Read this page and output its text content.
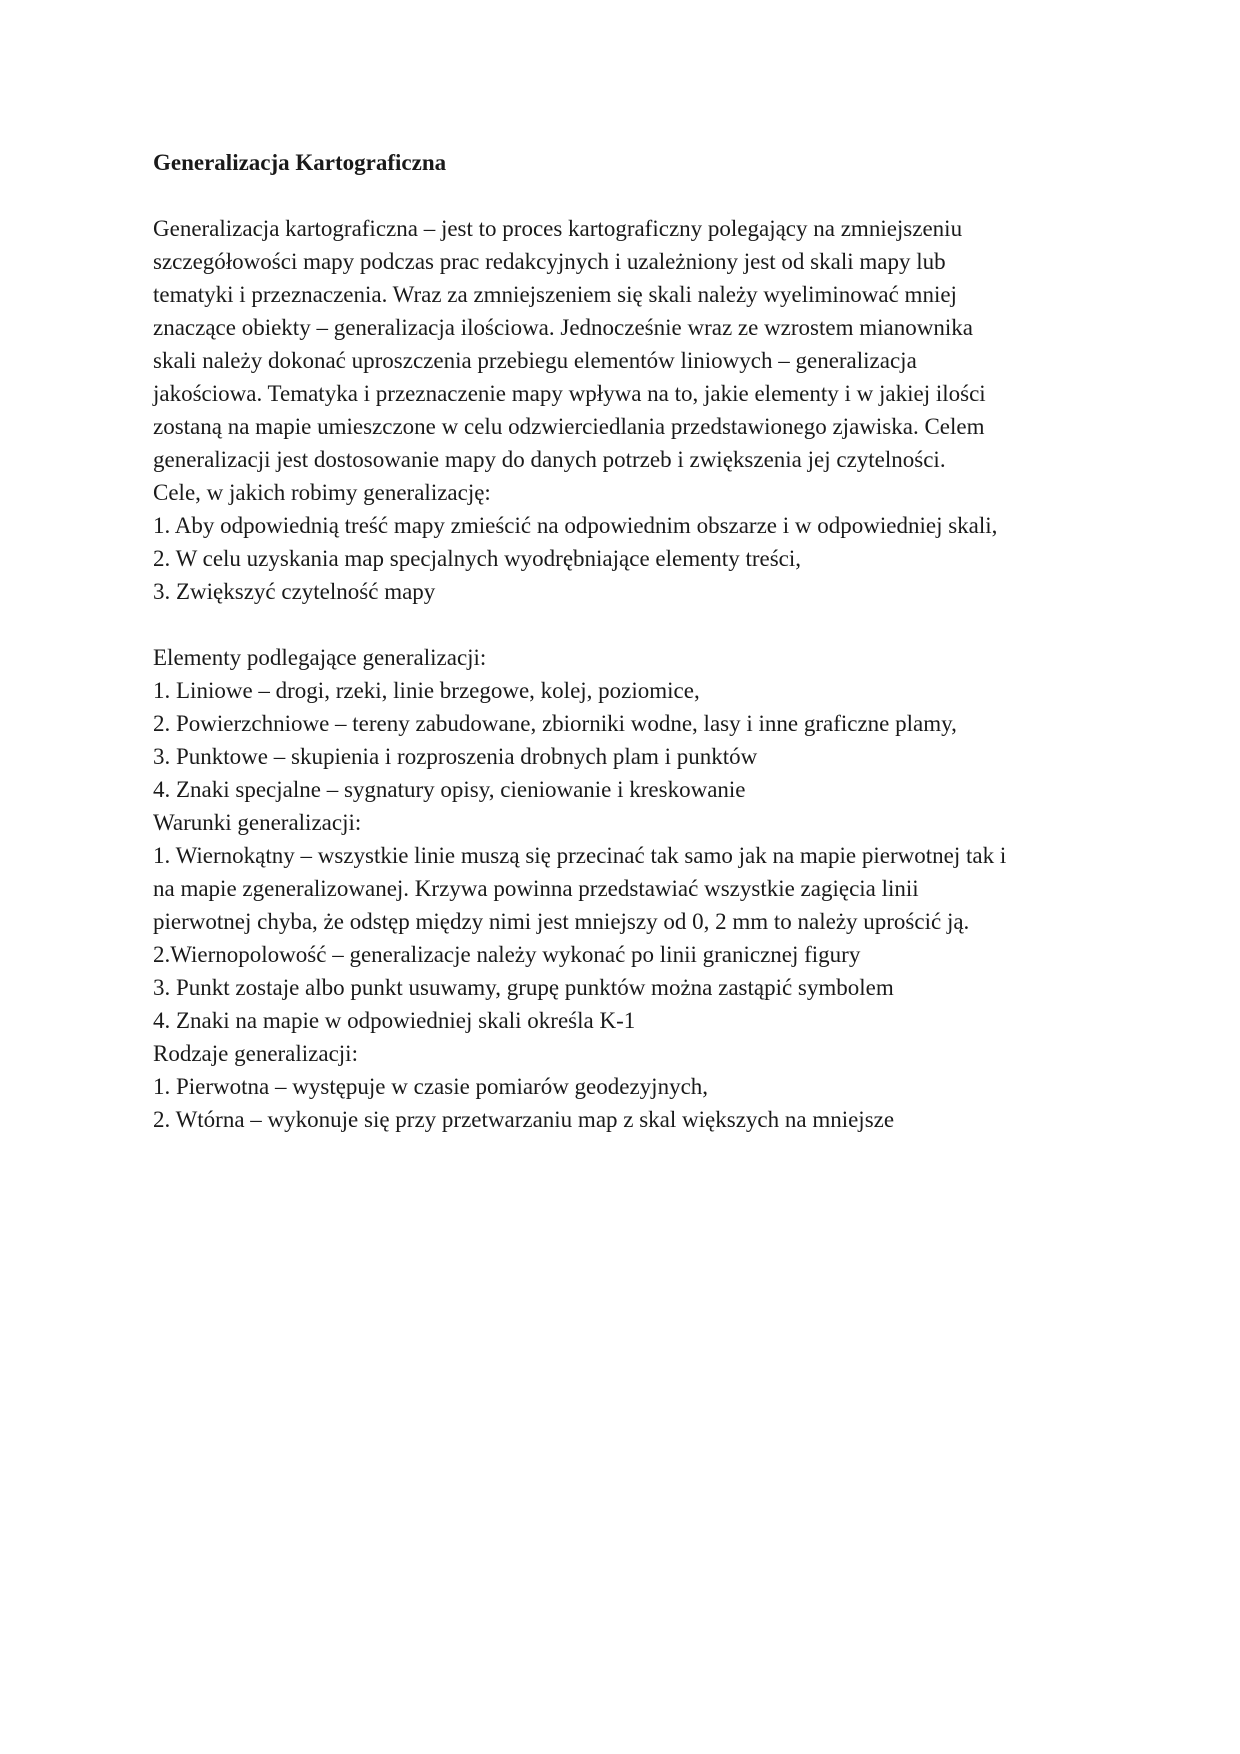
Generalizacja Kartograficzna
Generalizacja kartograficzna – jest to proces kartograficzny polegający na zmniejszeniu
szczegółowości mapy podczas prac redakcyjnych i uzależniony jest od skali mapy lub
tematyki i przeznaczenia. Wraz za zmniejszeniem się skali należy wyeliminować mniej
znaczące obiekty – generalizacja ilościowa. Jednocześnie wraz ze wzrostem mianownika
skali należy dokonać uproszczenia przebiegu elementów liniowych – generalizacja
jakościowa. Tematyka i przeznaczenie mapy wpływa na to, jakie elementy i w jakiej ilości
zostaną na mapie umieszczone w celu odzwierciedlania przedstawionego zjawiska. Celem
generalizacji jest dostosowanie mapy do danych potrzeb i zwiększenia jej czytelności.
Cele, w jakich robimy generalizację:
1. Aby odpowiednią treść mapy zmieścić na odpowiednim obszarze i w odpowiedniej skali,
2. W celu uzyskania map specjalnych wyodrębniające elementy treści,
3. Zwiększyć czytelność mapy
Elementy podlegające generalizacji:
1. Liniowe – drogi, rzeki, linie brzegowe, kolej, poziomice,
2. Powierzchniowe – tereny zabudowane, zbiorniki wodne, lasy i inne graficzne plamy,
3. Punktowe – skupienia i rozproszenia drobnych plam i punktów
4. Znaki specjalne – sygnatury opisy, cieniowanie i kreskowanie
Warunki generalizacji:
1. Wiernokątny – wszystkie linie muszą się przecinać tak samo jak na mapie pierwotnej tak i
na mapie zgeneralizowanej. Krzywa powinna przedstawiać wszystkie zagięcia linii
pierwotnej chyba, że odstęp między nimi jest mniejszy od 0, 2 mm to należy uprościć ją.
2.Wiernopolowość – generalizacje należy wykonać po linii granicznej figury
3. Punkt zostaje albo punkt usuwamy, grupę punktów można zastąpić symbolem
4. Znaki na mapie w odpowiedniej skali określa K-1
Rodzaje generalizacji:
1. Pierwotna – występuje w czasie pomiarów geodezyjnych,
2. Wtórna – wykonuje się przy przetwarzaniu map z skal większych na mniejsze
